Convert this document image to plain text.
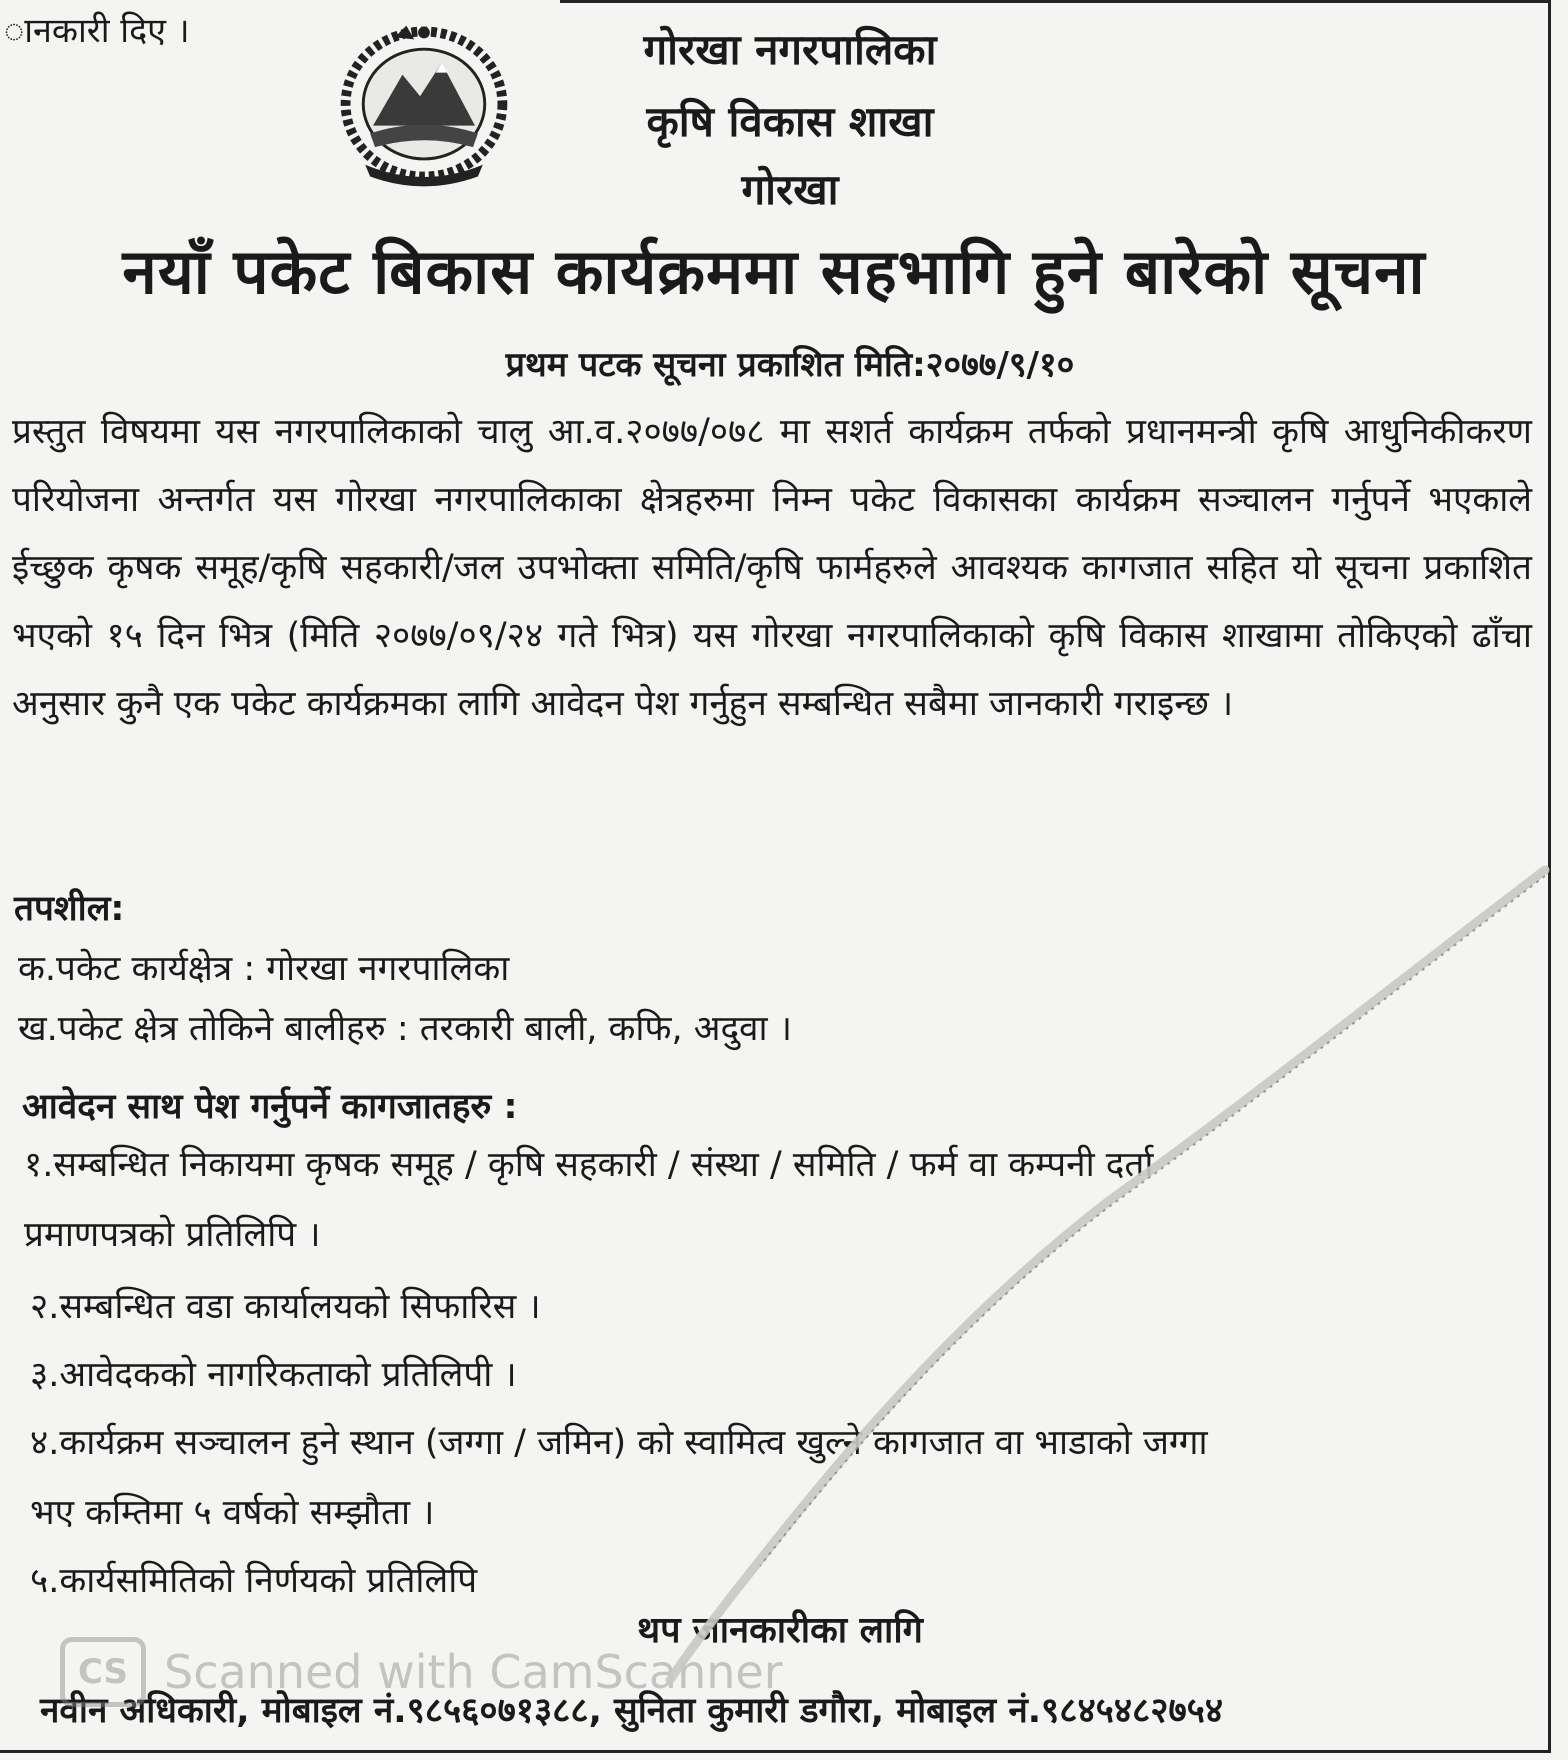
ानकारी दिए ।	गोरखा नगरपालिका
कृषि विकास शाखा
गोरखा
नयाँ पकेट बिकास कार्यक्रममा सहभागि हुने बारेको सूचना
प्रथम पटक सूचना प्रकाशित मिति:२०७७/९/१०
प्रस्तुत विषयमा यस नगरपालिकाको चालु आ.व.२०७७/०७८ मा सशर्त कार्यक्रम तर्फको प्रधानमन्त्री कृषि आधुनिकीकरण परियोजना अन्तर्गत यस गोरखा नगरपालिकाका क्षेत्रहरुमा निम्न पकेट विकासका कार्यक्रम सञ्चालन गर्नुपर्ने भएकाले ईच्छुक कृषक समूह/कृषि सहकारी/जल उपभोक्ता समिति/कृषि फार्महरुले आवश्यक कागजात सहित यो सूचना प्रकाशित भएको १५ दिन भित्र (मिति २०७७/०९/२४ गते भित्र) यस गोरखा नगरपालिकाको कृषि विकास शाखामा तोकिएको ढाँचा अनुसार कुनै एक पकेट कार्यक्रमका लागि आवेदन पेश गर्नुहुन सम्बन्धित सबैमा जानकारी गराइन्छ ।
तपशील:
क.पकेट कार्यक्षेत्र : गोरखा नगरपालिका
ख.पकेट क्षेत्र तोकिने बालीहरु : तरकारी बाली, कफि, अदुवा ।
आवेदन साथ पेश गर्नुपर्ने कागजातहरु :
१.सम्बन्धित निकायमा कृषक समूह / कृषि सहकारी / संस्था / समिति / फर्म वा कम्पनी दर्ता
प्रमाणपत्रको प्रतिलिपि ।
२.सम्बन्धित वडा कार्यालयको सिफारिस ।
३.आवेदकको नागरिकताको प्रतिलिपी ।
४.कार्यक्रम सञ्चालन हुने स्थान (जग्गा / जमिन) को स्वामित्व खुल्ने कागजात वा भाडाको जग्गा
भए कम्तिमा ५ वर्षको सम्झौता ।
५.कार्यसमितिको निर्णयको प्रतिलिपि
थप जानकारीका लागि
नवीन अधिकारी, मोबाइल नं.९८५६०७१३८८, सुनिता कुमारी डगौरा, मोबाइल नं.९८४५४८२७५४
CS Scanned with CamScanner
